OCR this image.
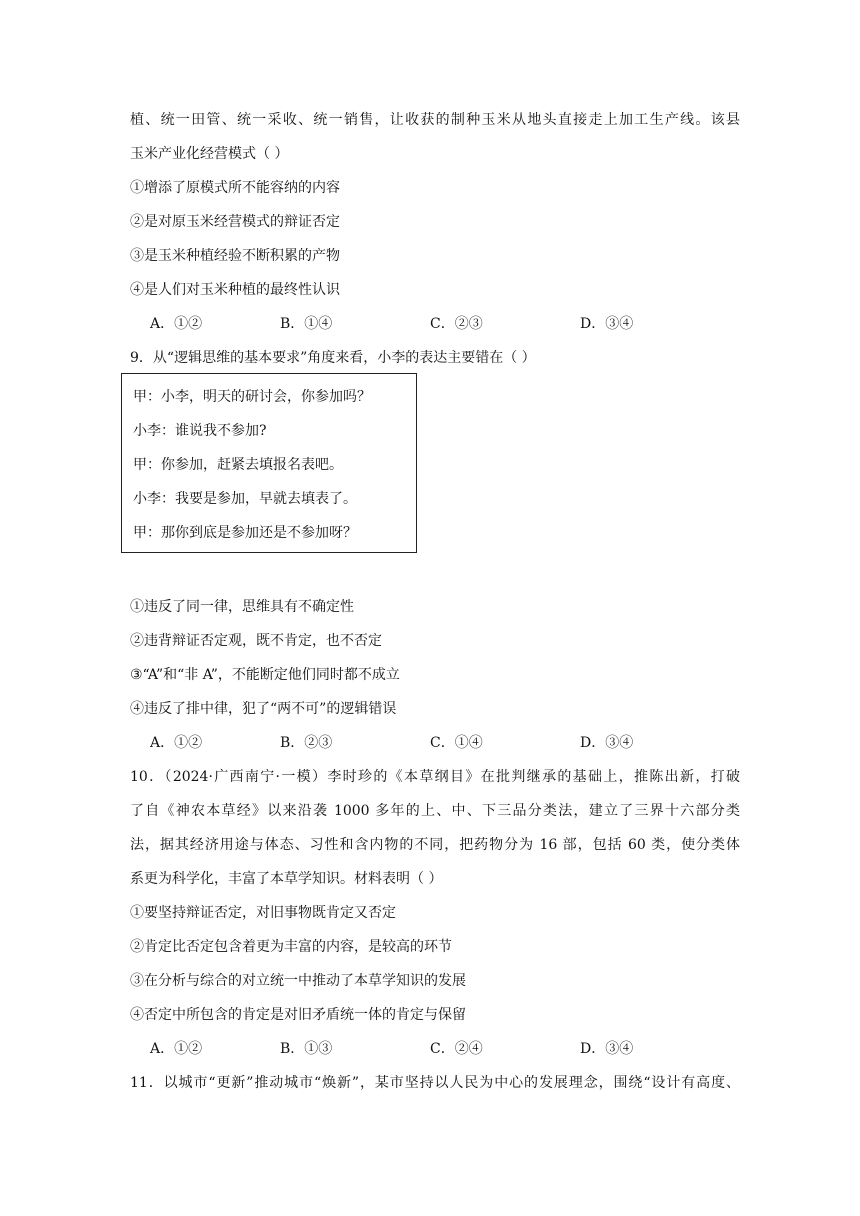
植、统一田管、统一采收、统一销售，让收获的制种玉米从地头直接走上加工生产线。该县
玉米产业化经营模式（ ）
①增添了原模式所不能容纳的内容
②是对原玉米经营模式的辩证否定
③是玉米种植经验不断积累的产物
④是人们对玉米种植的最终性认识
A．①②	B．①④	C．②③	D．③④
9．从“逻辑思维的基本要求”角度来看，小李的表达主要错在（ ）
甲：小李，明天的研讨会，你参加吗？
小李：谁说我不参加?
甲：你参加，赶紧去填报名表吧。
小李：我要是参加，早就去填表了。
甲：那你到底是参加还是不参加呀？
①违反了同一律，思维具有不确定性
②违背辩证否定观，既不肯定，也不否定
③“A”和“非 A”，不能断定他们同时都不成立
④违反了排中律，犯了“两不可”的逻辑错误
A．①②	B．②③	C．①④	D．③④
10．（2024·广西南宁·一模）李时珍的《本草纲目》在批判继承的基础上，推陈出新，打破
了自《神农本草经》以来沿袭 1000 多年的上、中、下三品分类法，建立了三界十六部分类
法，据其经济用途与体态、习性和含内物的不同，把药物分为 16 部，包括 60 类，使分类体
系更为科学化，丰富了本草学知识。材料表明（ ）
①要坚持辩证否定，对旧事物既肯定又否定
②肯定比否定包含着更为丰富的内容，是较高的环节
③在分析与综合的对立统一中推动了本草学知识的发展
④否定中所包含的肯定是对旧矛盾统一体的肯定与保留
A．①②	B．①③	C．②④	D．③④
11．以城市“更新”推动城市“焕新”，某市坚持以人民为中心的发展理念，围绕“设计有高度、
